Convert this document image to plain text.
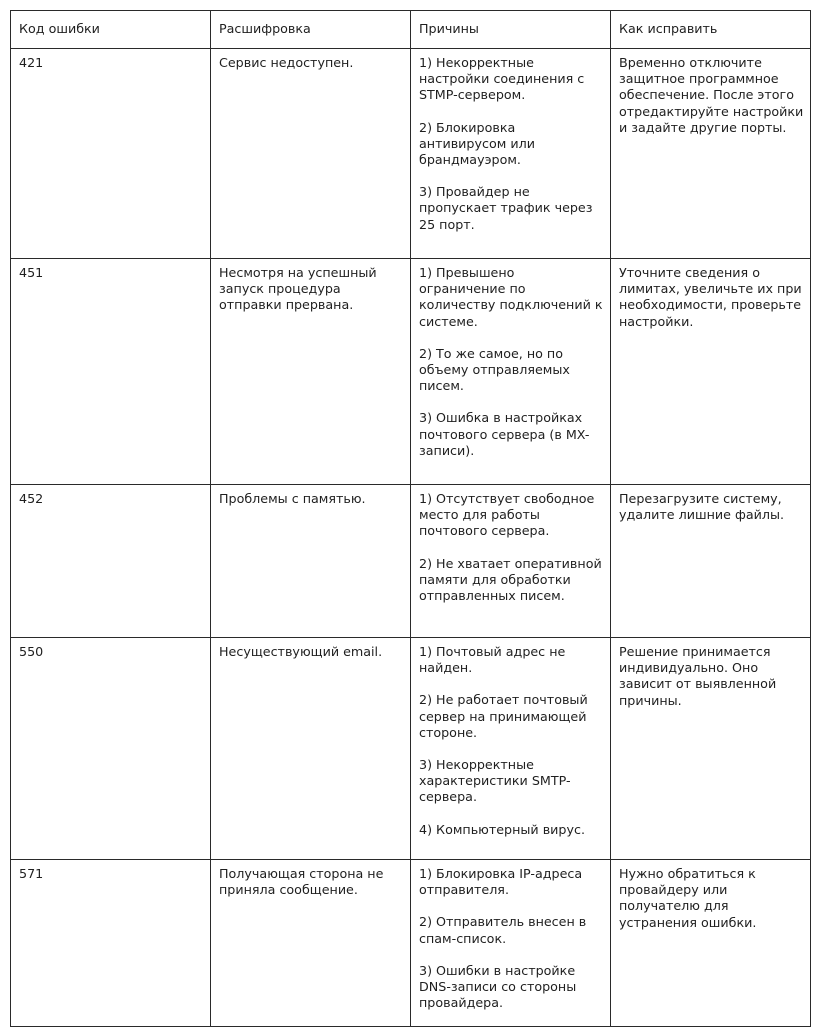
Код ошибки	Расшифровка	Причины	Как исправить
421	Сервис недоступен.	1) Некорректные настройки соединения с STMP-сервером.
2) Блокировка антивирусом или брандмауэром.
3) Провайдер не пропускает трафик через 25 порт.	Временно отключите защитное программное обеспечение. После этого отредактируйте настройки и задайте другие порты.
451	Несмотря на успешный запуск процедура отправки прервана.	1) Превышено ограничение по количеству подключений к системе.
2) То же самое, но по объему отправляемых писем.
3) Ошибка в настройках почтового сервера (в MX-записи).	Уточните сведения о лимитах, увеличьте их при необходимости, проверьте настройки.
452	Проблемы с памятью.	1) Отсутствует свободное место для работы почтового сервера.
2) Не хватает оперативной памяти для обработки отправленных писем.	Перезагрузите систему, удалите лишние файлы.
550	Несуществующий email.	1) Почтовый адрес не найден.
2) Не работает почтовый сервер на принимающей стороне.
3) Некорректные характеристики SMTP-сервера.
4) Компьютерный вирус.	Решение принимается индивидуально. Оно зависит от выявленной причины.
571	Получающая сторона не приняла сообщение.	1) Блокировка IP-адреса отправителя.
2) Отправитель внесен в спам-список.
3) Ошибки в настройке DNS-записи со стороны провайдера.	Нужно обратиться к провайдеру или получателю для устранения ошибки.
